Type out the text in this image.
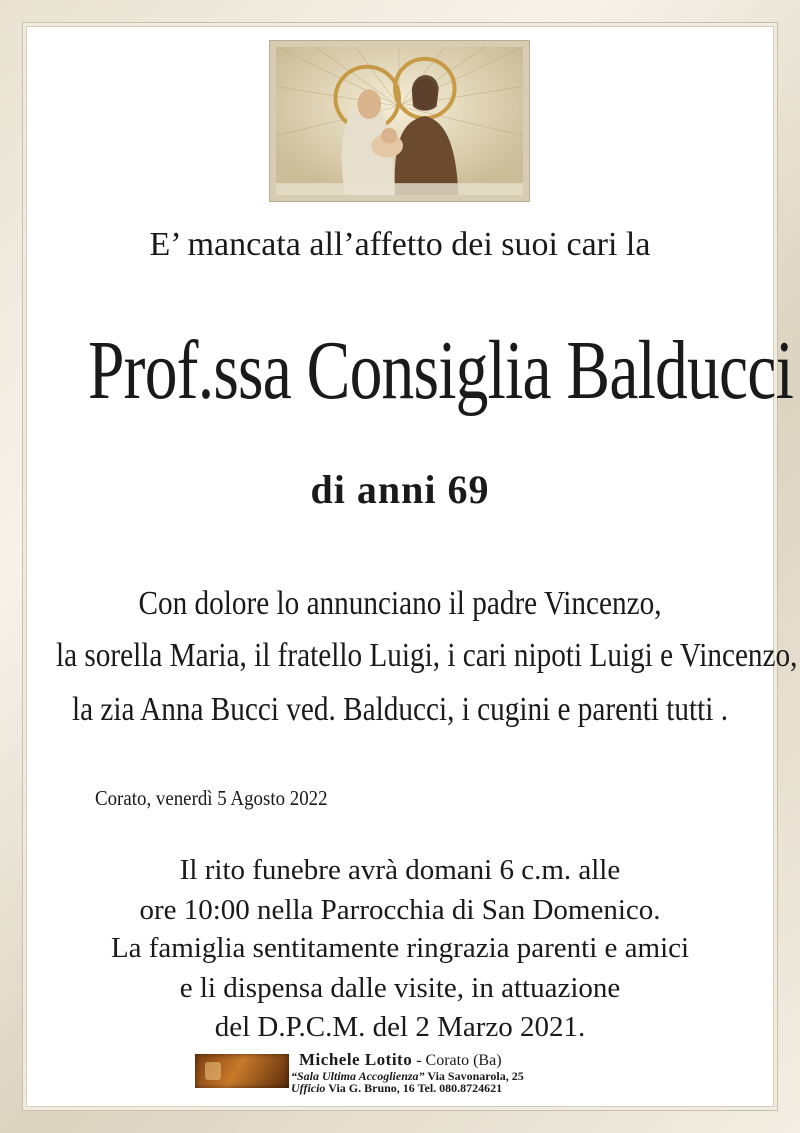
E’ mancata all’affetto dei suoi cari la
Prof.ssa Consiglia Balducci
di anni 69
Con dolore lo annunciano il padre Vincenzo,
la sorella Maria, il fratello Luigi, i cari nipoti Luigi e Vincenzo,
la zia Anna Bucci ved. Balducci, i cugini e parenti tutti .
Corato, venerdì 5 Agosto 2022
Il rito funebre avrà domani 6 c.m. alle
ore 10:00 nella Parrocchia di San Domenico.
La famiglia sentitamente ringrazia parenti e amici
e li dispensa dalle visite, in attuazione
del D.P.C.M. del 2 Marzo 2021.
Michele Lotito - Corato (Ba)
“Sala Ultima Accoglienza” Via Savonarola, 25
Ufficio Via G. Bruno, 16 Tel. 080.8724621
